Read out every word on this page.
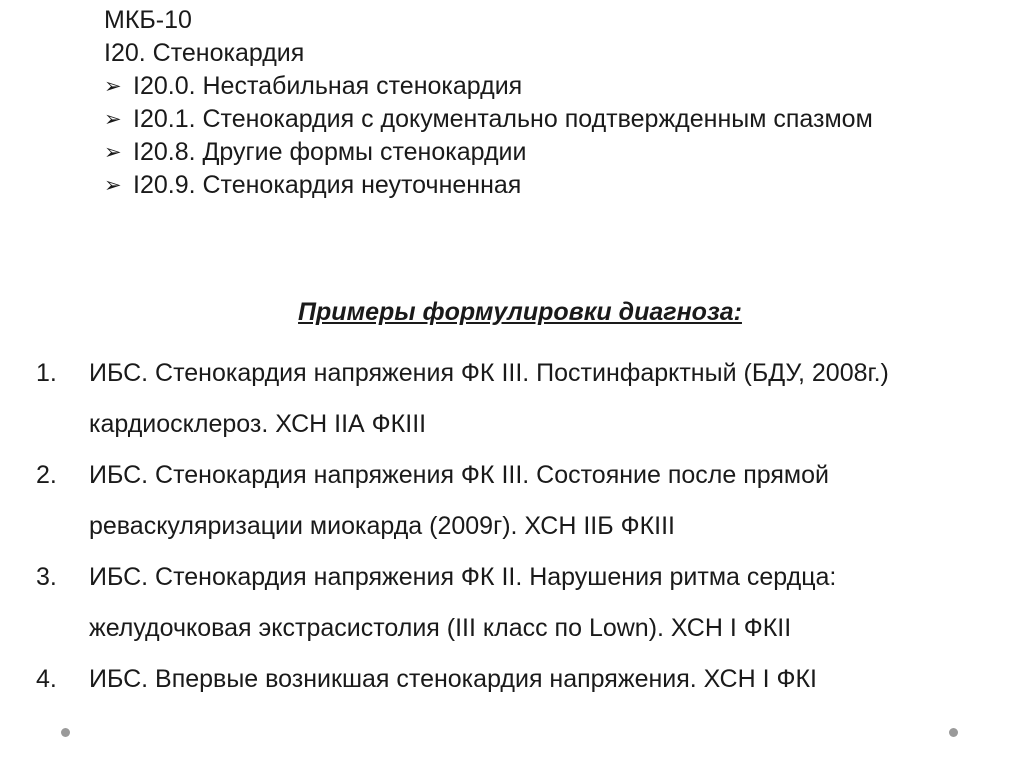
МКБ-10
I20. Стенокардия
➢ I20.0. Нестабильная стенокардия
➢ I20.1. Стенокардия с документально подтвержденным спазмом
➢ I20.8. Другие формы стенокардии
➢ I20.9. Стенокардия неуточненная
Примеры формулировки диагноза:
1. ИБС. Стенокардия напряжения ФК III. Постинфарктный (БДУ, 2008г.) кардиосклероз. ХСН IIА ФКIII
2. ИБС. Стенокардия напряжения ФК III. Состояние после прямой реваскуляризации миокарда (2009г). ХСН IIБ ФКIII
3. ИБС. Стенокардия напряжения ФК II. Нарушения ритма сердца: желудочковая экстрасистолия (III класс по Lown). ХСН I ФКII
4. ИБС. Впервые возникшая стенокардия напряжения. ХСН I ФКI
